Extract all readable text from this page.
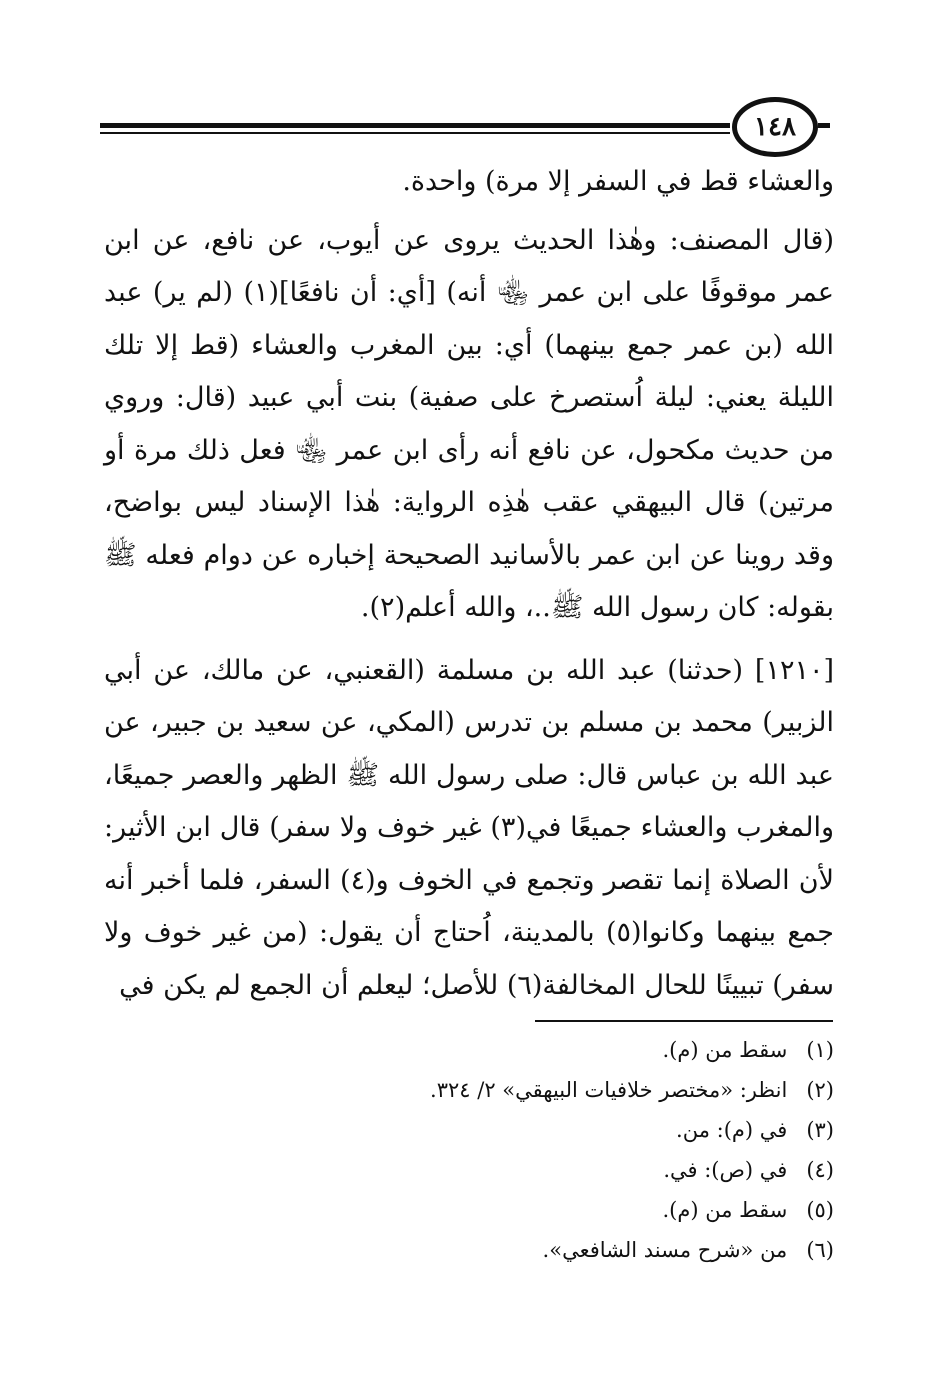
١٤٨

والعشاء قط في السفر إلا مرة) واحدة.

(قال المصنف: وهٰذا الحديث يروى عن أيوب، عن نافع، عن ابن عمر موقوفًا على ابن عمر ﵄ أنه) [أي: أن نافعًا](١) (لم ير) عبد الله (بن عمر جمع بينهما) أي: بين المغرب والعشاء (قط إلا تلك الليلة يعني: ليلة اُستصرخ على صفية) بنت أبي عبيد (قال: وروي من حديث مكحول، عن نافع أنه رأى ابن عمر ﵄ فعل ذلك مرة أو مرتين) قال البيهقي عقب هٰذِه الرواية: هٰذا الإسناد ليس بواضح، وقد روينا عن ابن عمر بالأسانيد الصحيحة إخباره عن دوام فعله ﷺ بقوله: كان رسول الله ﷺ..، والله أعلم(٢).

[١٢١٠] (حدثنا) عبد الله بن مسلمة (القعنبي، عن مالك، عن أبي الزبير) محمد بن مسلم بن تدرس (المكي، عن سعيد بن جبير، عن عبد الله بن عباس قال: صلى رسول الله ﷺ الظهر والعصر جميعًا، والمغرب والعشاء جميعًا في(٣) غير خوف ولا سفر) قال ابن الأثير: لأن الصلاة إنما تقصر وتجمع في الخوف و(٤) السفر، فلما أخبر أنه جمع بينهما وكانوا(٥) بالمدينة، اُحتاج أن يقول: (من غير خوف ولا سفر) تبيينًا للحال المخالفة(٦) للأصل؛ ليعلم أن الجمع لم يكن في

(١) سقط من (م).
(٢) انظر: «مختصر خلافيات البيهقي» ٢/ ٣٢٤.
(٣) في (م): من.
(٤) في (ص): في.
(٥) سقط من (م).
(٦) من «شرح مسند الشافعي».
